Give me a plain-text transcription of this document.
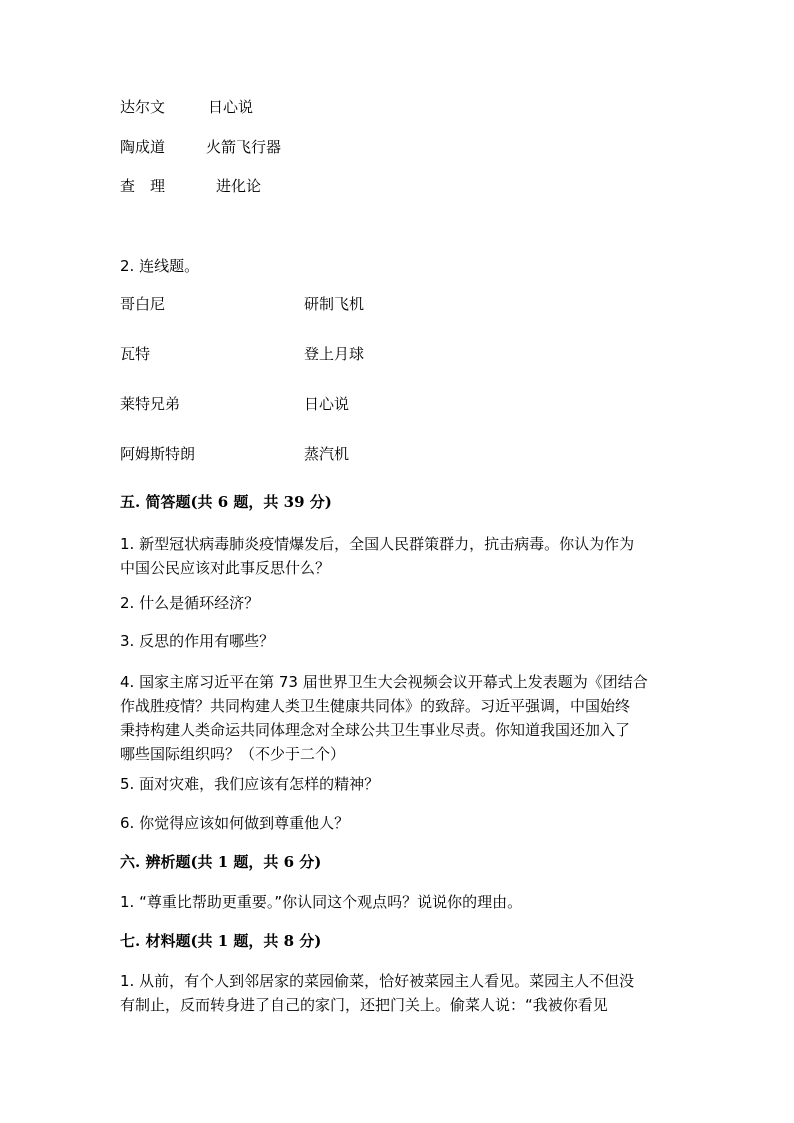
达尔文	日心说
陶成道	火箭飞行器
查　理	进化论
2. 连线题。
哥白尼	研制飞机
瓦特	登上月球
莱特兄弟	日心说
阿姆斯特朗	蒸汽机
五. 简答题(共 6 题，共 39 分)
1. 新型冠状病毒肺炎疫情爆发后，全国人民群策群力，抗击病毒。你认为作为
中国公民应该对此事反思什么？
2. 什么是循环经济？
3. 反思的作用有哪些？
4. 国家主席习近平在第 73 届世界卫生大会视频会议开幕式上发表题为《团结合
作战胜疫情？共同构建人类卫生健康共同体》的致辞。习近平强调，中国始终
秉持构建人类命运共同体理念对全球公共卫生事业尽责。你知道我国还加入了
哪些国际组织吗？（不少于二个）
5. 面对灾难，我们应该有怎样的精神？
6. 你觉得应该如何做到尊重他人？
六. 辨析题(共 1 题，共 6 分)
1. “尊重比帮助更重要。”你认同这个观点吗？说说你的理由。
七. 材料题(共 1 题，共 8 分)
1. 从前，有个人到邻居家的菜园偷菜，恰好被菜园主人看见。菜园主人不但没
有制止，反而转身进了自己的家门，还把门关上。偷菜人说：“我被你看见
